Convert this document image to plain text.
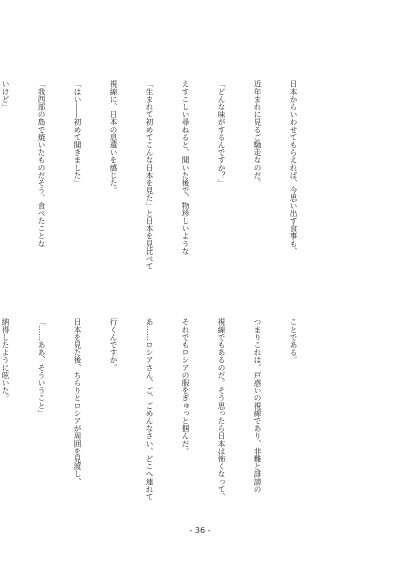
日本からいわせてもらえれば、今思い出す食事も、

近年まれに見るご馳走なのだ。

「どんな味がするんですか？」

えすこしい尋ねると、聞いた後で、物珍しいような

「生まれて初めてこんな日本を見た」と日本を見比べて

視線に、日本の息遣いを感じた。

「はい――初めて聞きました」

「我西部の島で焼いたものだそう。食べたことな

いけど」

ことである。

つまりこれは、戸惑いの視線であり、非難と誹謗の

視線でもあるのだ。そう思ったら日本は怖くなって、

それでもロシアの服をぎゅっと掴んだ。

あ……ロシアさん、ご、ごめんなさい、どこへ連れて

行くんですか。

日本を見た後、ちらりとロシアが周囲を見渡し、

「……ああ、そういうこと」

納得したように呟いた。

- 36 -
